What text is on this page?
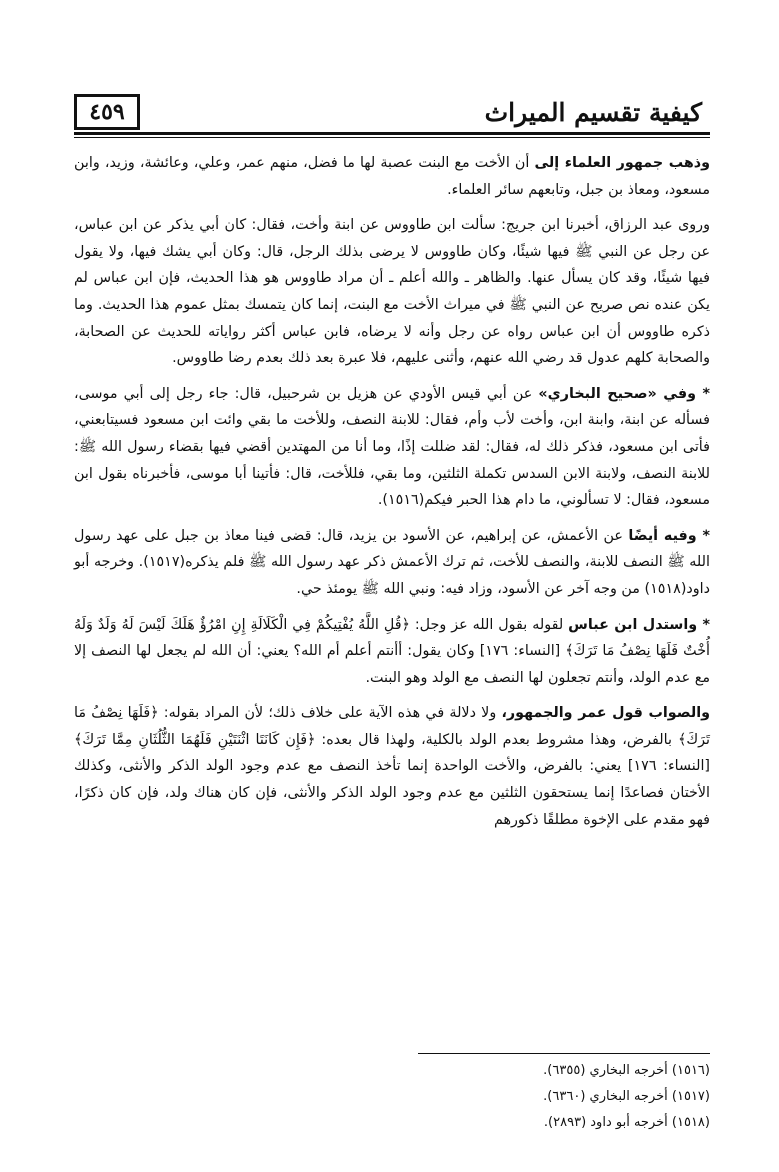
كيفية تقسيم الميراث
٤٥٩

وذهب جمهور العلماء إلى أن الأخت مع البنت عصبة لها ما فضل، منهم عمر، وعلي، وعائشة، وزيد، وابن مسعود، ومعاذ بن جبل، وتابعهم سائر العلماء.

وروى عبد الرزاق، أخبرنا ابن جريج: سألت ابن طاووس عن ابنة وأخت، فقال: كان أبي يذكر عن ابن عباس، عن رجل عن النبي ﷺ فيها شيئًا، وكان طاووس لا يرضى بذلك الرجل، قال: وكان أبي يشك فيها، ولا يقول فيها شيئًا، وقد كان يسأل عنها. والظاهر ـ والله أعلم ـ أن مراد طاووس هو هذا الحديث، فإن ابن عباس لم يكن عنده نص صريح عن النبي ﷺ في ميراث الأخت مع البنت، إنما كان يتمسك بمثل عموم هذا الحديث. وما ذكره طاووس أن ابن عباس رواه عن رجل وأنه لا يرضاه، فابن عباس أكثر رواياته للحديث عن الصحابة، والصحابة كلهم عدول قد رضي الله عنهم، وأثنى عليهم، فلا عبرة بعد ذلك بعدم رضا طاووس.

* وفي «صحيح البخاري» عن أبي قيس الأودي عن هزيل بن شرحبيل، قال: جاء رجل إلى أبي موسى، فسأله عن ابنة، وابنة ابن، وأخت لأب وأم، فقال: للابنة النصف، وللأخت ما بقي وائت ابن مسعود فسيتابعني، فأتى ابن مسعود، فذكر ذلك له، فقال: لقد ضللت إذًا، وما أنا من المهتدين أقضي فيها بقضاء رسول الله ﷺ: للابنة النصف، ولابنة الابن السدس تكملة الثلثين، وما بقي، فللأخت، قال: فأتينا أبا موسى، فأخبرناه بقول ابن مسعود، فقال: لا تسألوني، ما دام هذا الحبر فيكم(١٥١٦).

* وفيه أيضًا عن الأعمش، عن إبراهيم، عن الأسود بن يزيد، قال: قضى فينا معاذ بن جبل على عهد رسول الله ﷺ النصف للابنة، والنصف للأخت، ثم ترك الأعمش ذكر عهد رسول الله ﷺ فلم يذكره(١٥١٧). وخرجه أبو داود(١٥١٨) من وجه آخر عن الأسود، وزاد فيه: ونبي الله ﷺ يومئذ حي.

* واستدل ابن عباس لقوله بقول الله عز وجل: ﴿قُلِ اللَّهُ يُفْتِيكُمْ فِي الْكَلَالَةِ إِنِ امْرُؤٌ هَلَكَ لَيْسَ لَهُ وَلَدٌ وَلَهُ أُخْتٌ فَلَهَا نِصْفُ مَا تَرَكَ﴾ [النساء: ١٧٦] وكان يقول: أأنتم أعلم أم الله؟ يعني: أن الله لم يجعل لها النصف إلا مع عدم الولد، وأنتم تجعلون لها النصف مع الولد وهو البنت.

والصواب قول عمر والجمهور، ولا دلالة في هذه الآية على خلاف ذلك؛ لأن المراد بقوله: ﴿فَلَهَا نِصْفُ مَا تَرَكَ﴾ بالفرض، وهذا مشروط بعدم الولد بالكلية، ولهذا قال بعده: ﴿فَإِن كَانَتَا اثْنَتَيْنِ فَلَهُمَا الثُّلُثَانِ مِمَّا تَرَكَ﴾ [النساء: ١٧٦] يعني: بالفرض، والأخت الواحدة إنما تأخذ النصف مع عدم وجود الولد الذكر والأنثى، وكذلك الأختان فصاعدًا إنما يستحقون الثلثين مع عدم وجود الولد الذكر والأنثى، فإن كان هناك ولد، فإن كان ذكرًا، فهو مقدم على الإخوة مطلقًا ذكورهم

(١٥١٦) أخرجه البخاري (٦٣٥٥).
(١٥١٧) أخرجه البخاري (٦٣٦٠).
(١٥١٨) أخرجه أبو داود (٢٨٩٣).
